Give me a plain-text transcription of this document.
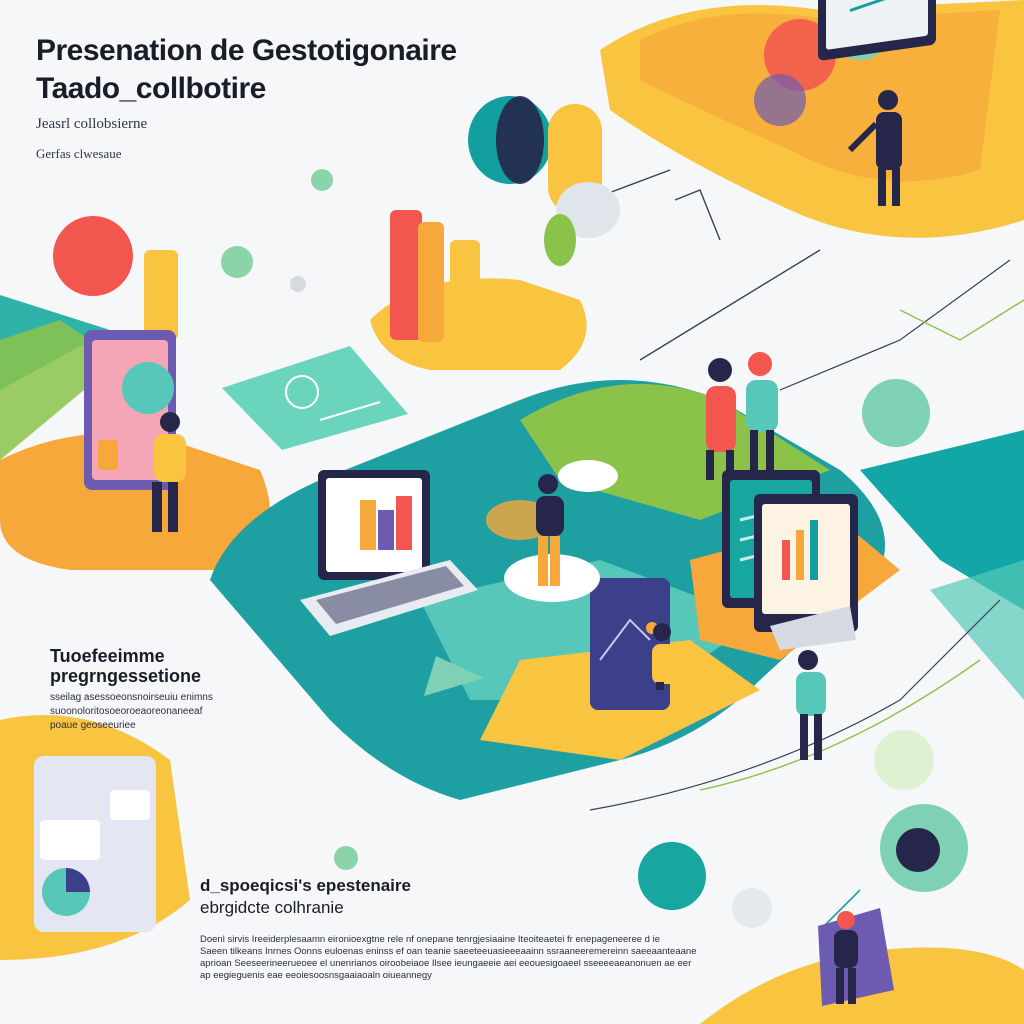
Presenation de Gestotigonaire
Taado_collbotire
Jeasrl collobsierne
Gerfas clwesaue
Tuoefeeimme
pregrngessetione
sseilag asessoeonsnoirseuiu enimns
suoonoloritosoeoroeaoreonaneeaf
poaue geoseeuriee
d_spoeqicsi's epestenaire
ebrgidcte colhranie
Doenl sirvis Ireeiderplesaamn eironioexgtne rele nf onepane tenrgjesiaaine Iteoiteaetei fr enepageneeree d ie
Saeen tilkeans Inrnes Oonns euloenas eninss ef oan teanie saeeteeuasieeeaainn ssraaneeremereinn saeeaanteaane
aprioan Seeseerineerueoee el unenrianos oiroobeiaoe Ilsee ieungaeeie aei eeouesigoaeel sseeeeaeanonuen ae eer
ap eegieguenis eae eeoiesoosnsgaaiaoaln oiueannegy
